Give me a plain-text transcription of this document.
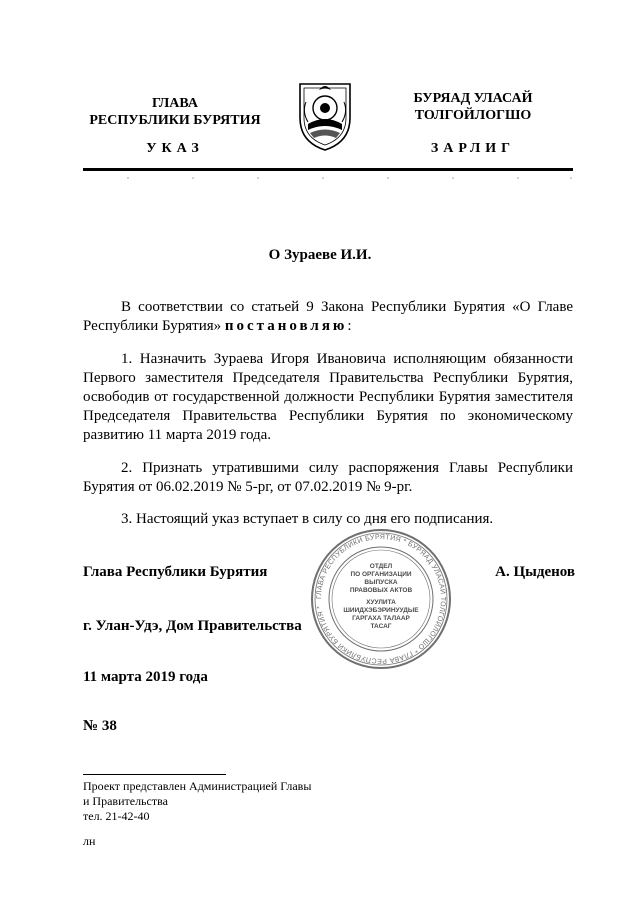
ГЛАВА
РЕСПУБЛИКИ БУРЯТИЯ
УКАЗ
БУРЯАД УЛАСАЙ
ТОЛГОЙЛОГШО
ЗАРЛИГ
О Зураеве И.И.
В соответствии со статьей 9 Закона Республики Бурятия «О Главе Республики Бурятия» постановляю:
1. Назначить Зураева Игоря Ивановича исполняющим обязанности Первого заместителя Председателя Правительства Республики Бурятия, освободив от государственной должности Республики Бурятия заместителя Председателя Правительства Республики Бурятия по экономическому развитию 11 марта 2019 года.
2. Признать утратившими силу распоряжения Главы Республики Бурятия от 06.02.2019 № 5-рг, от 07.02.2019 № 9-рг.
3. Настоящий указ вступает в силу со дня его подписания.
ГЛАВА РЕСПУБЛИКИ БУРЯТИЯ * БУРЯАД УЛАСАЙ ТОЛГОЙЛОГШО * ГЛАВА РЕСПУБЛИКИ БУРЯТИЯ *
ОТДЕЛ
ПО ОРГАНИЗАЦИИ
ВЫПУСКА
ПРАВОВЫХ АКТОВ
ХУУЛИТА
ШИИДХЭБЭРИНУУДЫЕ
ГАРГАХА ТАЛААР
ТАСАГ
Глава Республики Бурятия	А. Цыденов
г. Улан-Удэ, Дом Правительства
11 марта 2019 года
№ 38
Проект представлен Администрацией Главы
и Правительства
тел. 21-42-40
лн
